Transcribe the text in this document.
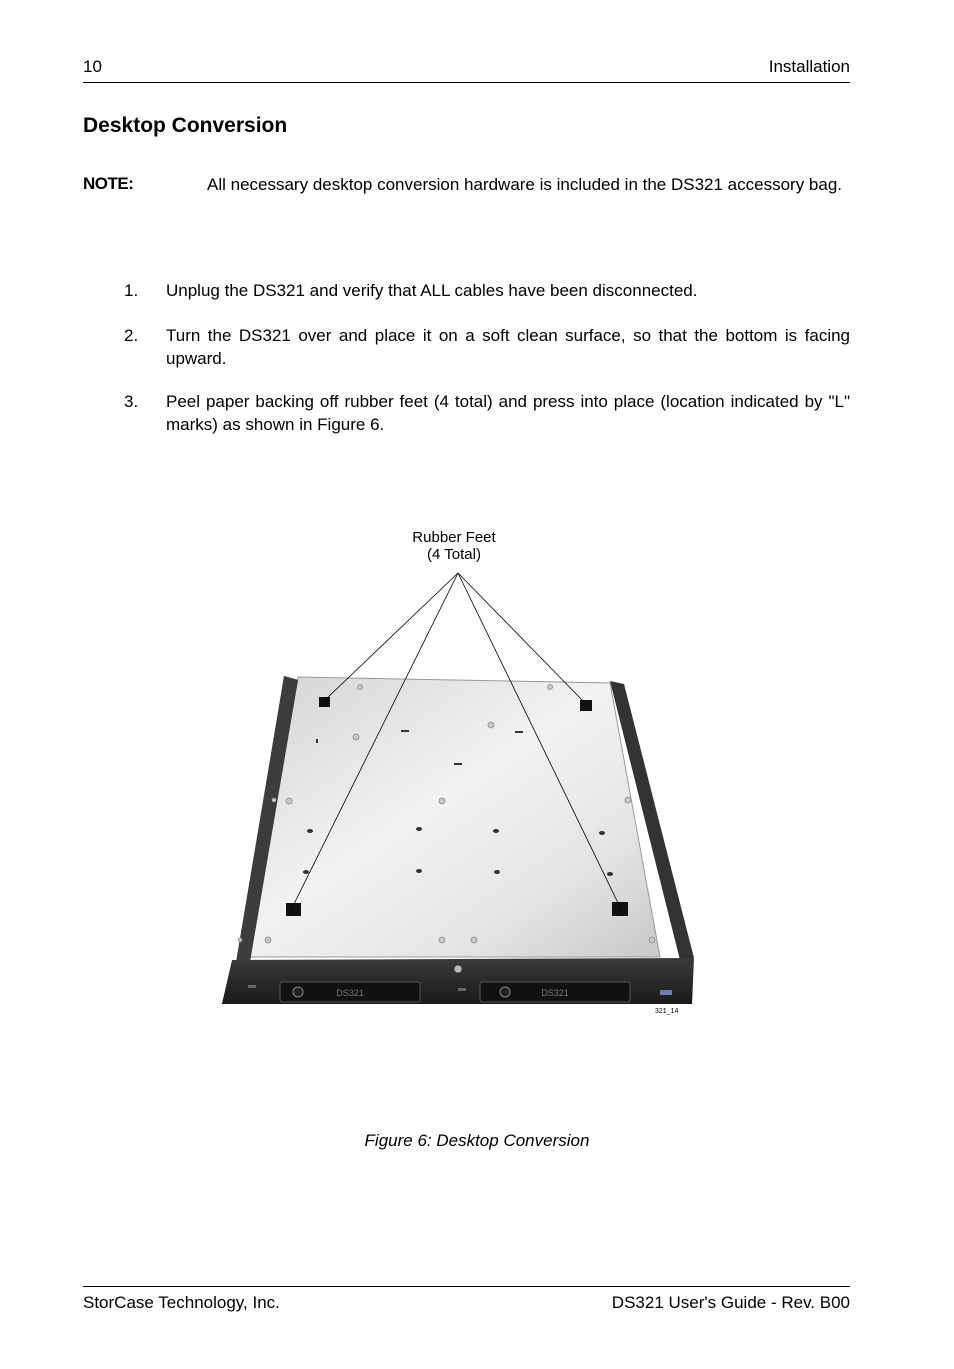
10	Installation
Desktop Conversion
NOTE:	All necessary desktop conversion hardware is included in the DS321 accessory bag.
1. Unplug the DS321 and verify that ALL cables have been disconnected.
2. Turn the DS321 over and place it on a soft clean surface, so that the bottom is facing upward.
3. Peel paper backing off rubber feet (4 total) and press into place (location indicated by "L" marks) as shown in Figure 6.
Rubber Feet
(4 Total)
DS321	DS321
321_14
Figure 6: Desktop Conversion
StorCase Technology, Inc.	DS321 User's Guide - Rev. B00
